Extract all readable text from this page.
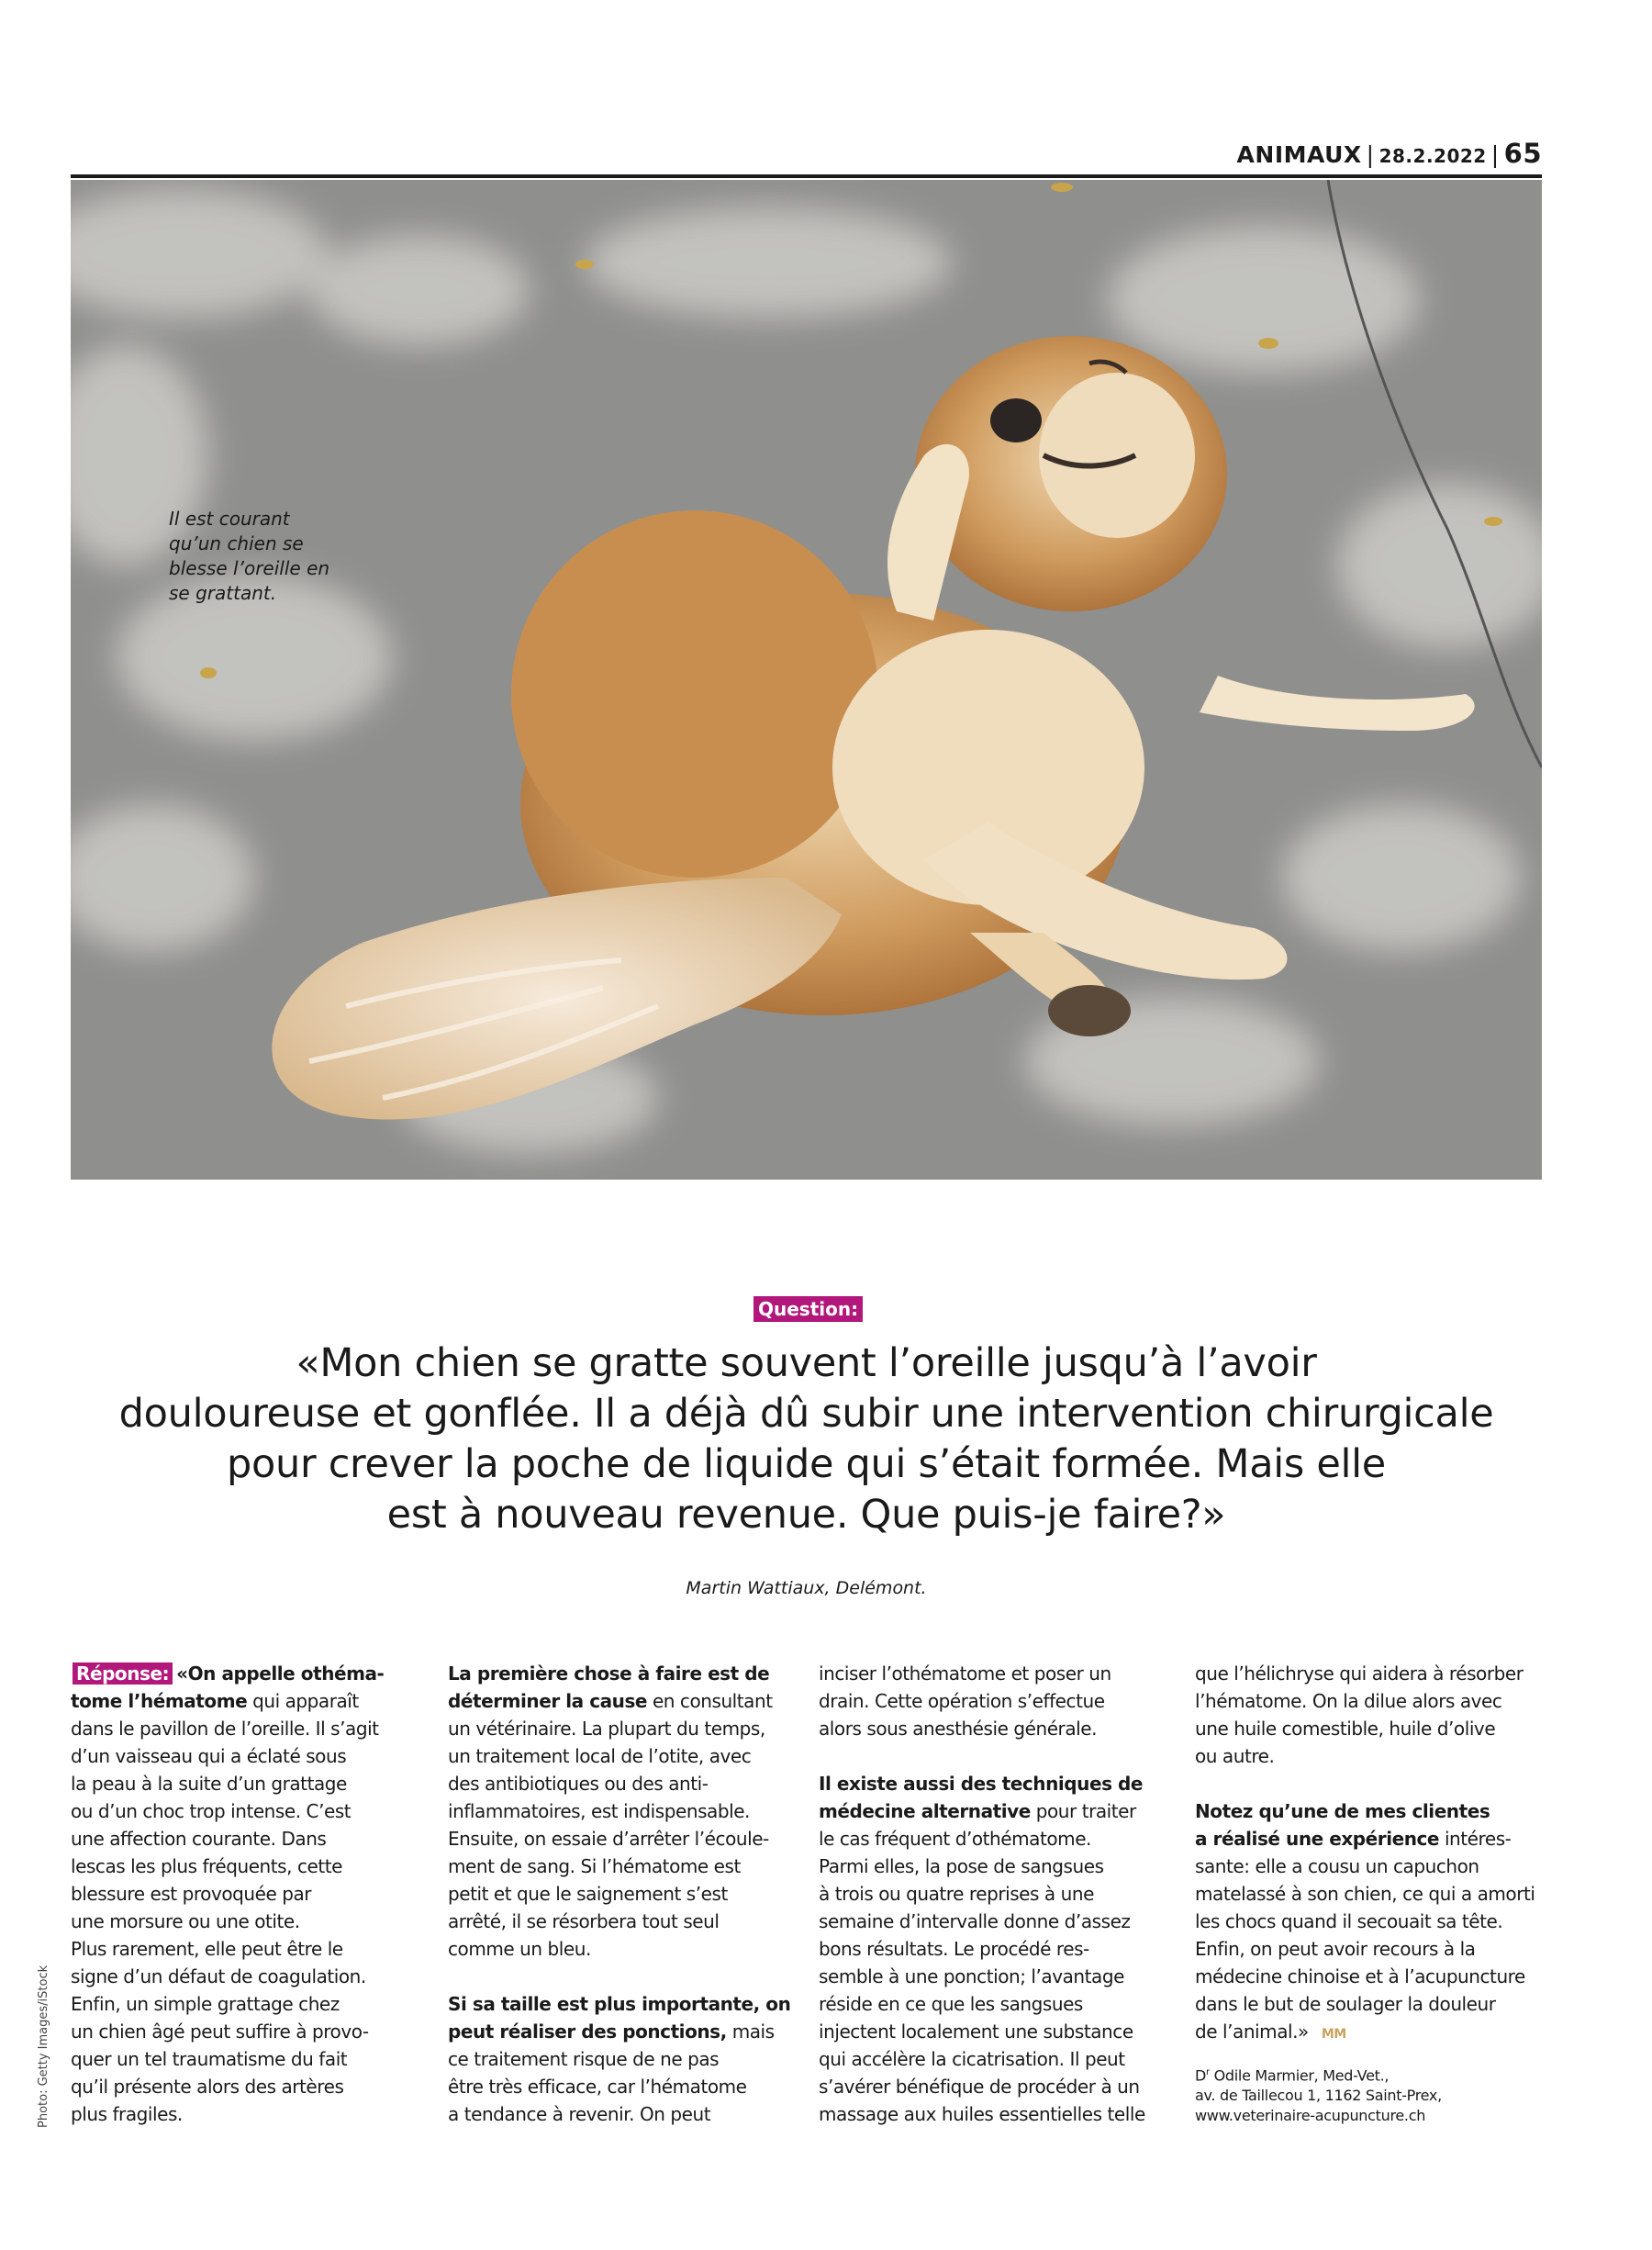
ANIMAUX | 28.2.2022 | 65
Il est courant
qu’un chien se
blesse l’oreille en
se grattant.
Question:
«Mon chien se gratte souvent l’oreille jusqu’à l’avoir
douloureuse et gonflée. Il a déjà dû subir une intervention chirurgicale
pour crever la poche de liquide qui s’était formée. Mais elle
est à nouveau revenue. Que puis-je faire?»
Martin Wattiaux, Delémont.
Photo: Getty Images/iStock

Réponse: «On appelle othéma-

tome l’hématome qui apparaît

dans le pavillon de l’oreille. Il s’agit

d’un vaisseau qui a éclaté sous

la peau à la suite d’un grattage

ou d’un choc trop intense. C’est

une affection courante. Dans

lescas les plus fréquents, cette

blessure est provoquée par

une morsure ou une otite.

Plus rarement, elle peut être le

signe d’un défaut de coagulation.

Enfin, un simple grattage chez

un chien âgé peut suffire à provo-

quer un tel traumatisme du fait

qu’il présente alors des artères

plus fragiles.

La première chose à faire est de

déterminer la cause en consultant

un vétérinaire. La plupart du temps,

un traitement local de l’otite, avec

des antibiotiques ou des anti-

inflammatoires, est indispensable.

Ensuite, on essaie d’arrêter l’écoule-

ment de sang. Si l’hématome est

petit et que le saignement s’est

arrêté, il se résorbera tout seul

comme un bleu.

Si sa taille est plus importante, on

peut réaliser des ponctions, mais

ce traitement risque de ne pas

être très efficace, car l’hématome

a tendance à revenir. On peut

inciser l’othématome et poser un

drain. Cette opération s’effectue

alors sous anesthésie générale.

Il existe aussi des techniques de

médecine alternative pour traiter

le cas fréquent d’othématome.

Parmi elles, la pose de sangsues

à trois ou quatre reprises à une

semaine d’intervalle donne d’assez

bons résultats. Le procédé res-

semble à une ponction; l’avantage

réside en ce que les sangsues

injectent localement une substance

qui accélère la cicatrisation. Il peut

s’avérer bénéfique de procéder à un

massage aux huiles essentielles telle

que l’hélichryse qui aidera à résorber

l’hématome. On la dilue alors avec

une huile comestible, huile d’olive

ou autre.

Notez qu’une de mes clientes

a réalisé une expérience intéres-

sante: elle a cousu un capuchon

matelassé à son chien, ce qui a amorti

les chocs quand il secouait sa tête.

Enfin, on peut avoir recours à la

médecine chinoise et à l’acupuncture

dans le but de soulager la douleur

de l’animal.» MM

$D^r$ Odile Marmier, Med-Vet.,

av. de Taillecou 1, 1162 Saint-Prex,

www.veterinaire-acupuncture.ch
